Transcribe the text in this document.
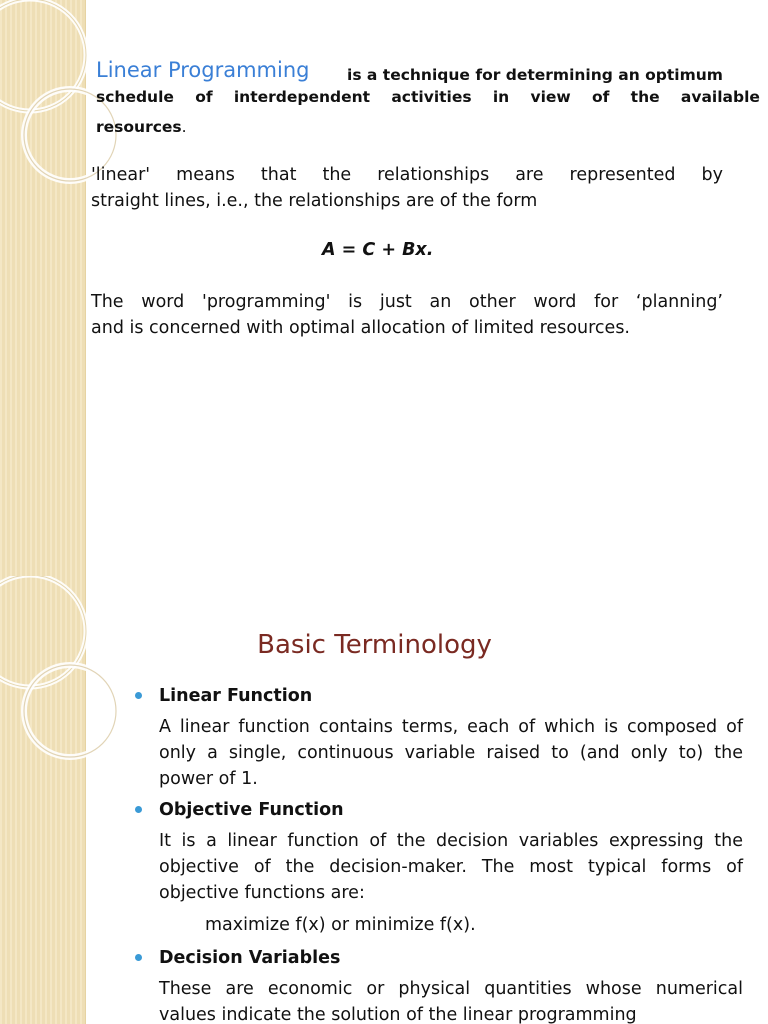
Linear Programming is a technique for determining an optimum
schedule of interdependent activities in view of the available
resources.
'linear' means that the relationships are represented by
straight lines, i.e., the relationships are of the form
A = C + Bx.
The word 'programming' is just an other word for ‘planning’
and is concerned with optimal allocation of limited resources.
Basic Terminology
Linear Function
A linear function contains terms, each of which is composed of only a single, continuous variable raised to (and only to) the power of 1.
Objective Function
It is a linear function of the decision variables expressing the objective of the decision-maker. The most typical forms of objective functions are:
maximize f(x) or minimize f(x).
Decision Variables
These are economic or physical quantities whose numerical values indicate the solution of the linear programming
